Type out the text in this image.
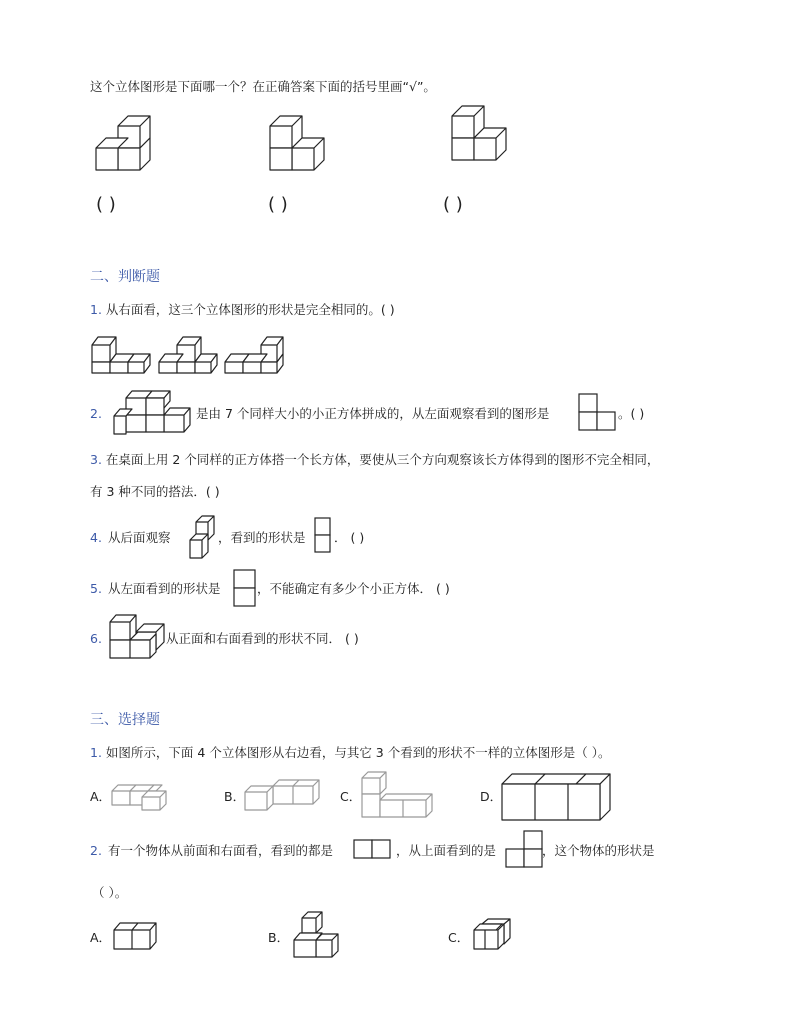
这个立体图形是下面哪一个？在正确答案下面的括号里画“√”。
( )	( )	( )
二、判断题
1. 从右面看，这三个立体图形的形状是完全相同的。( )
2.	是由 7 个同样大小的小正方体拼成的，从左面观察看到的图形是	。( )
3. 在桌面上用 2 个同样的正方体搭一个长方体，要使从三个方向观察该长方体得到的图形不完全相同，
有 3 种不同的搭法．( )
4. 从后面观察	，看到的形状是 ． ( )
5. 从左面看到的形状是	，不能确定有多少个小正方体． ( )
6.	从正面和右面看到的形状不同． ( )
三、选择题
1. 如图所示，下面 4 个立体图形从右边看，与其它 3 个看到的形状不一样的立体图形是（ ）。
A．	B．	C．	D．
2. 有一个物体从前面和右面看，看到的都是	，从上面看到的是	，这个物体的形状是
（ ）。
A．	B．	C．
